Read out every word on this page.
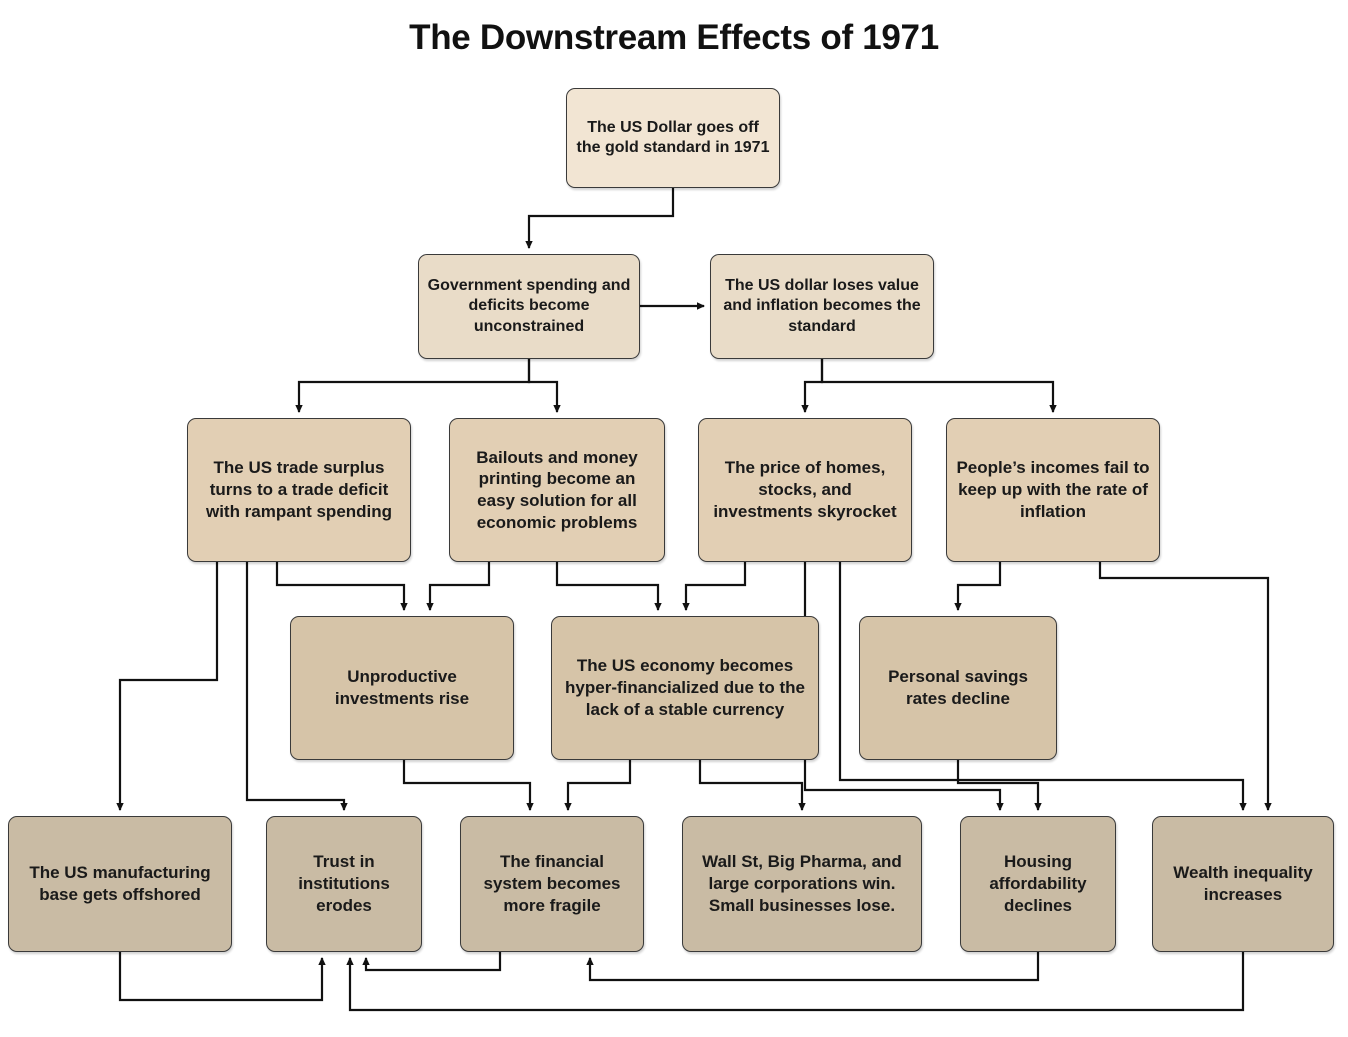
The Downstream Effects of 1971
The US Dollar goes off the gold standard in 1971
Government spending and deficits become unconstrained
The US dollar loses value and inflation becomes the standard
The US trade surplus turns to a trade deficit with rampant spending
Bailouts and money printing become an easy solution for all economic problems
The price of homes, stocks, and investments skyrocket
People’s incomes fail to keep up with the rate of inflation
Unproductive investments rise
The US economy becomes hyper-financialized due to the lack of a stable currency
Personal savings rates decline
The US manufacturing base gets offshored
Trust in institutions erodes
The financial system becomes more fragile
Wall St, Big Pharma, and large corporations win. Small businesses lose.
Housing affordability declines
Wealth inequality increases
